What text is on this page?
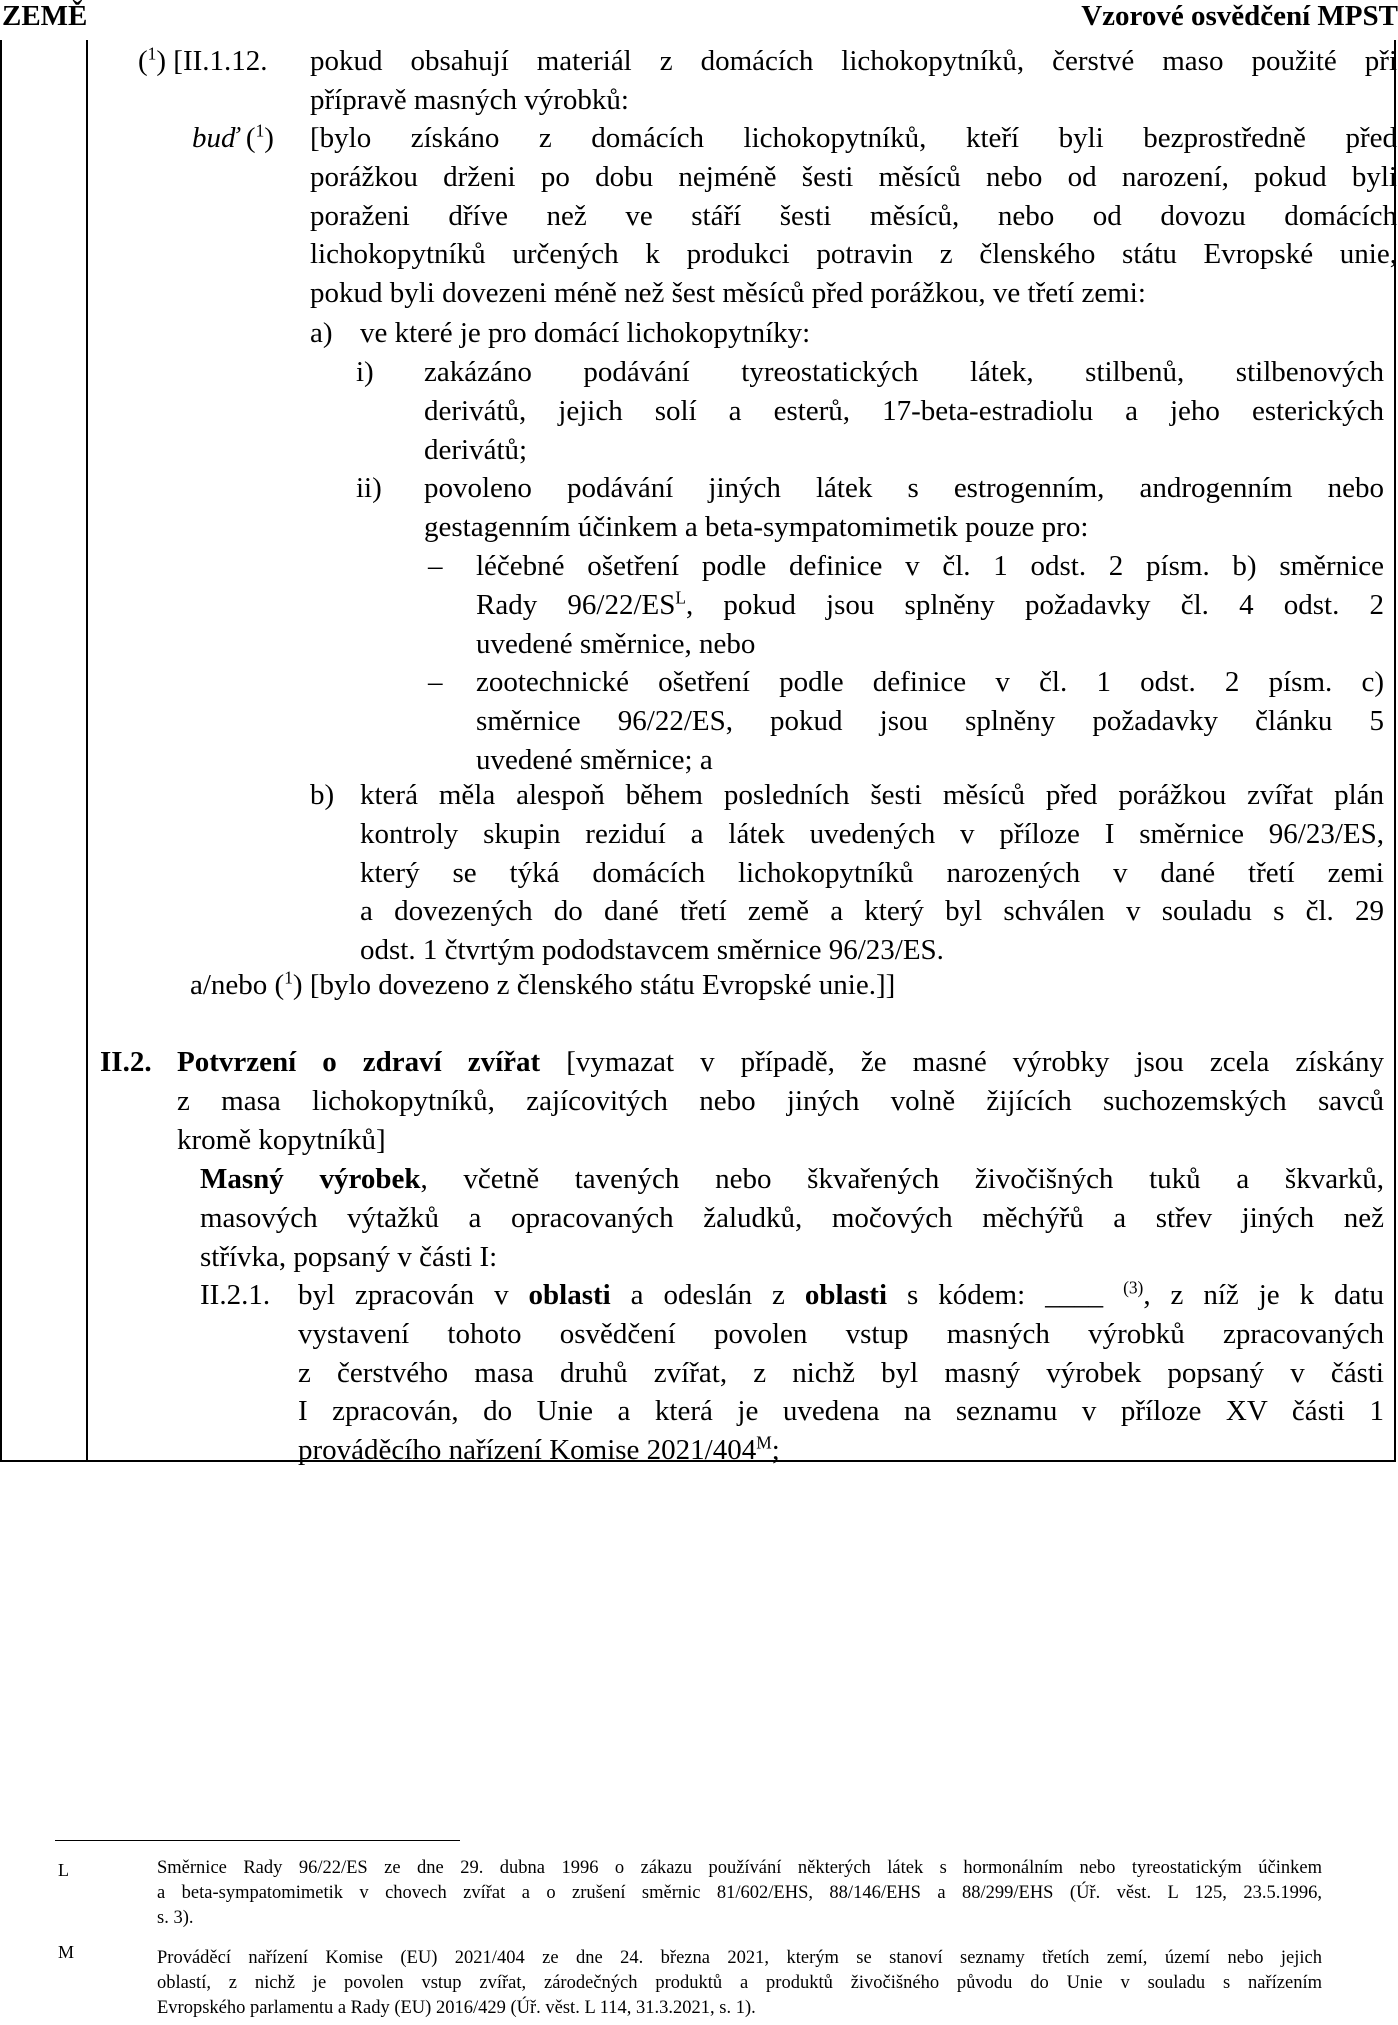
ZEMĚ	Vzorové osvědčení MPST
($^1$) [II.1.12. pokud obsahují materiál z domácích lichokopytníků, čerstvé maso použité při
přípravě masných výrobků:
buď ($^1$) [bylo získáno z domácích lichokopytníků, kteří byli bezprostředně před
porážkou drženi po dobu nejméně šesti měsíců nebo od narození, pokud byli
poraženi dříve než ve stáří šesti měsíců, nebo od dovozu domácích
lichokopytníků určených k produkci potravin z členského státu Evropské unie,
pokud byli dovezeni méně než šest měsíců před porážkou, ve třetí zemi:
a) ve které je pro domácí lichokopytníky:
i) zakázáno podávání tyreostatických látek, stilbenů, stilbenových
derivátů, jejich solí a esterů, 17-beta-estradiolu a jeho esterických
derivátů;
ii) povoleno podávání jiných látek s estrogenním, androgenním nebo
gestagenním účinkem a beta-sympatomimetik pouze pro:
– léčebné ošetření podle definice v čl. 1 odst. 2 písm. b) směrnice
Rady $96/22/ES^L$, pokud jsou splněny požadavky čl. 4 odst. 2
uvedené směrnice, nebo
– zootechnické ošetření podle definice v čl. 1 odst. 2 písm. c)
směrnice 96/22/ES, pokud jsou splněny požadavky článku 5
uvedené směrnice; a
b) která měla alespoň během posledních šesti měsíců před porážkou zvířat plán
kontroly skupin reziduí a látek uvedených v příloze I směrnice 96/23/ES,
který se týká domácích lichokopytníků narozených v dané třetí zemi
a dovezených do dané třetí země a který byl schválen v souladu s čl. 29
odst. 1 čtvrtým pododstavcem směrnice 96/23/ES.
a/nebo ($^1$) [bylo dovezeno z členského státu Evropské unie.]]
II.2. Potvrzení o zdraví zvířat [vymazat v případě, že masné výrobky jsou zcela získány
z masa lichokopytníků, zajícovitých nebo jiných volně žijících suchozemských savců
kromě kopytníků]
Masný výrobek, včetně tavených nebo škvařených živočišných tuků a škvarků,
masových výtažků a opracovaných žaludků, močových měchýřů a střev jiných než
střívka, popsaný v části I:
II.2.1. byl zpracován v oblasti a odeslán z oblasti s kódem: ____ $^{(3)}$, z níž je k datu
vystavení tohoto osvědčení povolen vstup masných výrobků zpracovaných
z čerstvého masa druhů zvířat, z nichž byl masný výrobek popsaný v části
I zpracován, do Unie a která je uvedena na seznamu v příloze XV části 1
prováděcího nařízení Komise $2021/404^M$;
L	Směrnice Rady 96/22/ES ze dne 29. dubna 1996 o zákazu používání některých látek s hormonálním nebo tyreostatickým účinkem
a beta-sympatomimetik v chovech zvířat a o zrušení směrnic 81/602/EHS, 88/146/EHS a 88/299/EHS (Úř. věst. L 125, 23.5.1996,
s. 3).
M	Prováděcí nařízení Komise (EU) 2021/404 ze dne 24. března 2021, kterým se stanoví seznamy třetích zemí, území nebo jejich
oblastí, z nichž je povolen vstup zvířat, zárodečných produktů a produktů živočišného původu do Unie v souladu s nařízením
Evropského parlamentu a Rady (EU) 2016/429 (Úř. věst. L 114, 31.3.2021, s. 1).
